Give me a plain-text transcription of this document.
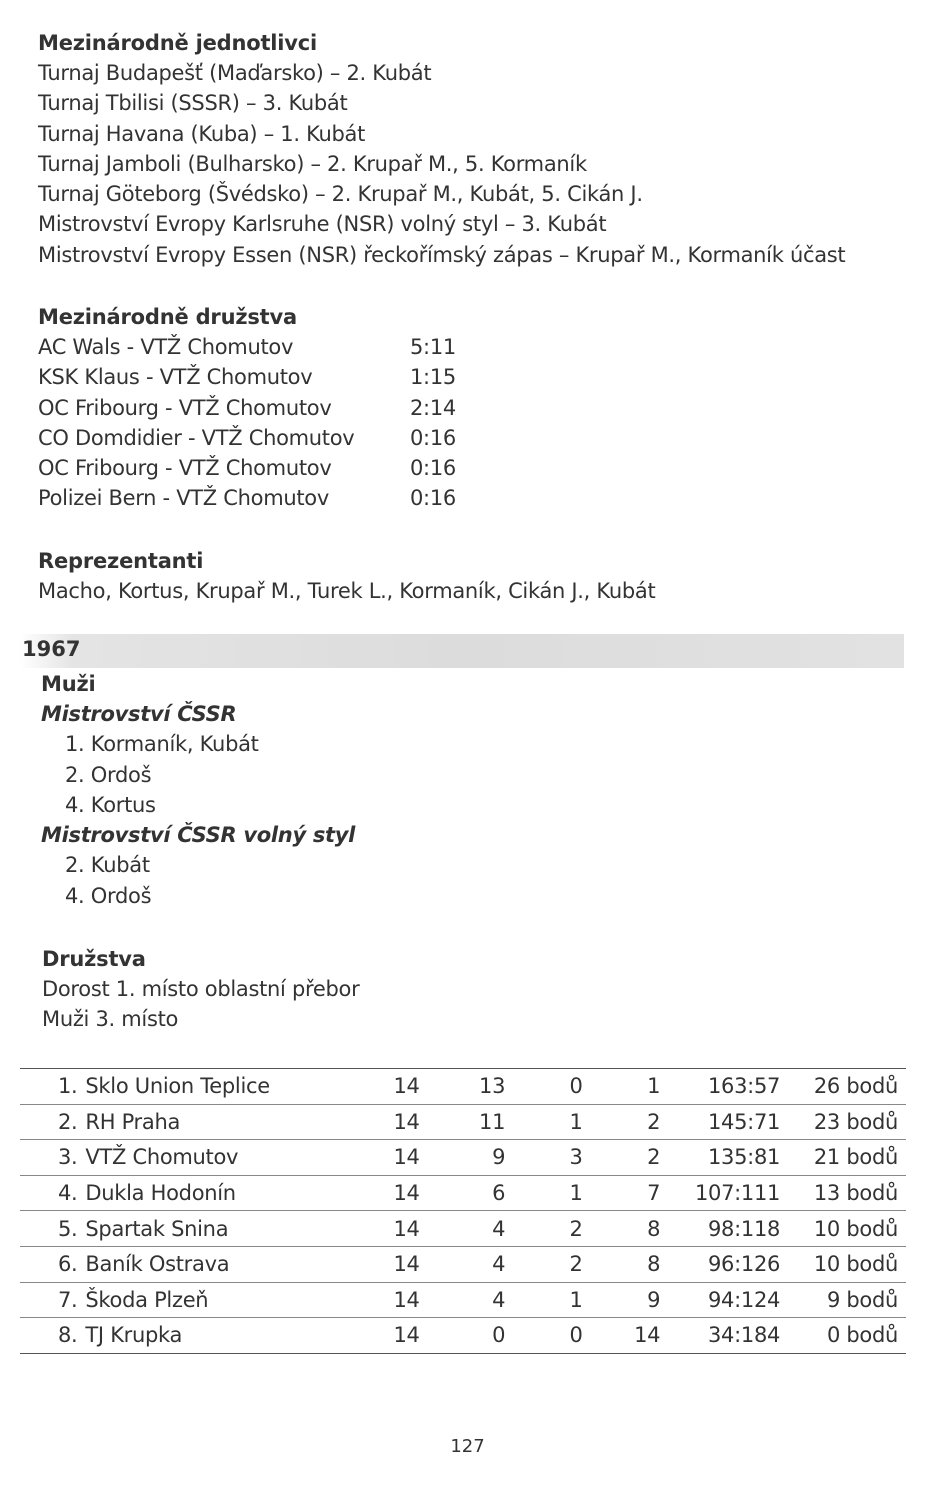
Mezinárodně jednotlivci
Turnaj Budapešť (Maďarsko) – 2. Kubát
Turnaj Tbilisi (SSSR) – 3. Kubát
Turnaj Havana (Kuba) – 1. Kubát
Turnaj Jamboli (Bulharsko) – 2. Krupař M., 5. Kormaník
Turnaj Göteborg (Švédsko) – 2. Krupař M., Kubát, 5. Cikán J.
Mistrovství Evropy Karlsruhe (NSR) volný styl – 3. Kubát
Mistrovství Evropy Essen (NSR) řeckořímský zápas – Krupař M., Kormaník účast
Mezinárodně družstva
AC Wals - VTŽ Chomutov	5:11
KSK Klaus - VTŽ Chomutov	1:15
OC Fribourg - VTŽ Chomutov	2:14
CO Domdidier - VTŽ Chomutov	0:16
OC Fribourg - VTŽ Chomutov	0:16
Polizei Bern - VTŽ Chomutov	0:16
Reprezentanti
Macho, Kortus, Krupař M., Turek L., Kormaník, Cikán J., Kubát
1967
Muži
Mistrovství ČSSR
1. Kormaník, Kubát
2. Ordoš
4. Kortus
Mistrovství ČSSR volný styl
2. Kubát
4. Ordoš
Družstva
Dorost 1. místo oblastní přebor
Muži 3. místo
1.	Sklo Union Teplice	14	13	0	1	163:57	26 bodů
2.	RH Praha	14	11	1	2	145:71	23 bodů
3.	VTŽ Chomutov	14	9	3	2	135:81	21 bodů
4.	Dukla Hodonín	14	6	1	7	107:111	13 bodů
5.	Spartak Snina	14	4	2	8	98:118	10 bodů
6.	Baník Ostrava	14	4	2	8	96:126	10 bodů
7.	Škoda Plzeň	14	4	1	9	94:124	9 bodů
8.	TJ Krupka	14	0	0	14	34:184	0 bodů
127
